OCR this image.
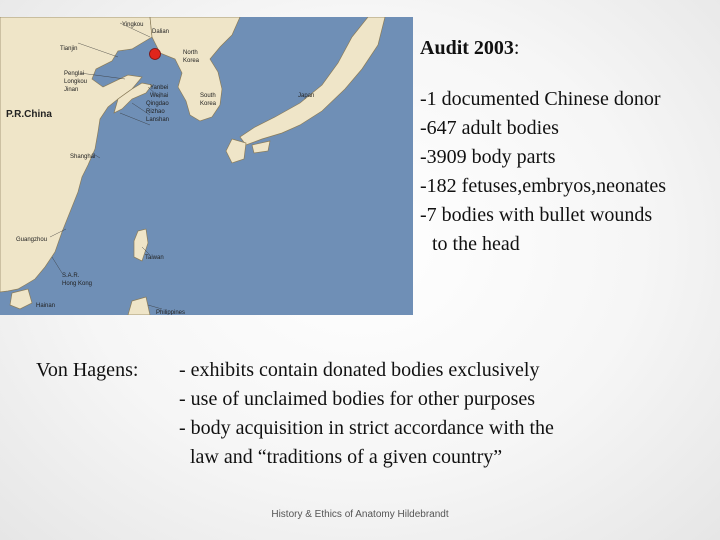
Yingkou
Dalian
Tianjin
Penglai
Longkou
Jinan	Yanbei
Weihai
Qingdao
Rizhao
Lanshan
North
Korea
South
Korea
Japan
P.R.China
Shanghai
Guangzhou
Taiwan
S.A.R.
Hong Kong
Hainan
Philippines
Audit 2003:
-1 documented Chinese donor
-647 adult bodies
-3909 body parts
-182 fetuses,embryos,neonates
-7 bodies with bullet wounds
to the head
Von Hagens: - exhibits contain donated bodies exclusively
- use of unclaimed bodies for other purposes
- body acquisition in strict accordance with the
law and “traditions of a given country”
History & Ethics of Anatomy Hildebrandt
